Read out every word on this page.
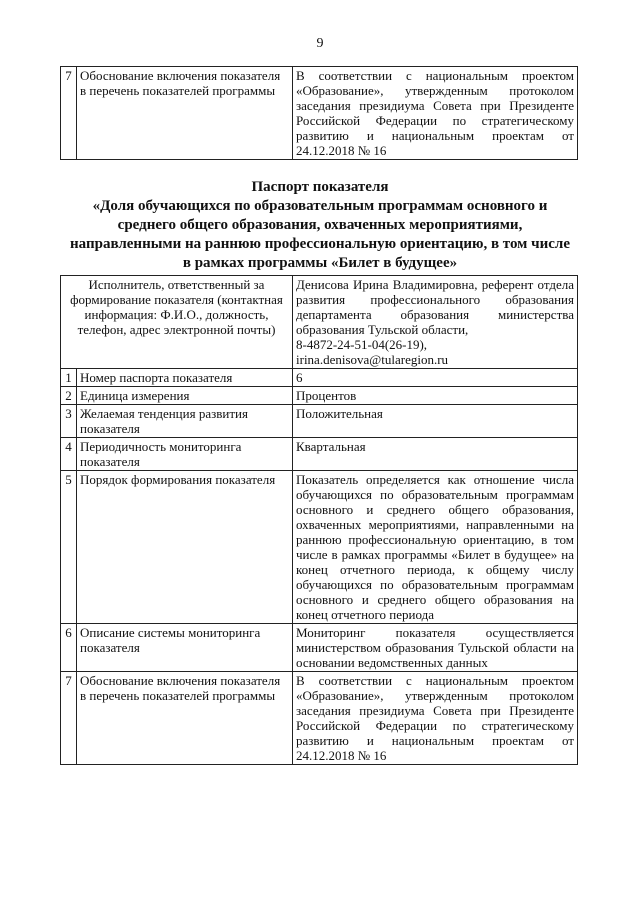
9
7	Обоснование включения показателя в перечень показателей программы	В соответствии с национальным проектом «Образование», утвержденным протоколом заседания президиума Совета при Президенте Российской Федерации по стратегическому развитию и национальным проектам от 24.12.2018 № 16
Паспорт показателя
«Доля обучающихся по образовательным программам основного и
среднего общего образования, охваченных мероприятиями,
направленными на раннюю профессиональную ориентацию, в том числе
в рамках программы «Билет в будущее»
Исполнитель, ответственный за формирование показателя (контактная информация: Ф.И.О., должность, телефон, адрес электронной почты)		Денисова Ирина Владимировна, референт отдела развития профессионального образования департамента образования министерства образования Тульской области,
8-4872-24-51-04(26-19),
irina.denisova@tularegion.ru

1	Номер паспорта показателя	6
2	Единица измерения	Процентов
3	Желаемая тенденция развития показателя	Положительная
4	Периодичность мониторинга показателя	Квартальная
5	Порядок формирования показателя	Показатель определяется как отношение числа обучающихся по образовательным программам основного и среднего общего образования, охваченных мероприятиями, направленными на раннюю профессиональную ориентацию, в том числе в рамках программы «Билет в будущее» на конец отчетного периода, к общему числу обучающихся по образовательным программам основного и среднего общего образования на конец отчетного периода
6	Описание системы мониторинга показателя	Мониторинг показателя осуществляется министерством образования Тульской области на основании ведомственных данных
7	Обоснование включения показателя в перечень показателей программы	В соответствии с национальным проектом «Образование», утвержденным протоколом заседания президиума Совета при Президенте Российской Федерации по стратегическому развитию и национальным проектам от 24.12.2018 № 16
